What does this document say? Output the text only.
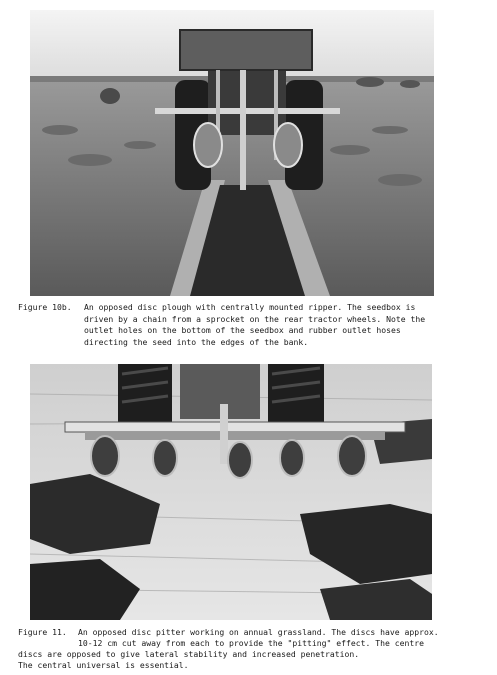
Figure 10b. An opposed disc plough with centrally mounted ripper. The seedbox is
driven by a chain from a sprocket on the rear tractor wheels. Note the
outlet holes on the bottom of the seedbox and rubber outlet hoses
directing the seed into the edges of the bank.
Figure 11. An opposed disc pitter working on annual grassland. The discs have approx.
10-12 cm cut away from each to provide the "pitting" effect. The centre
discs are opposed to give lateral stability and increased penetration.
The central universal is essential.
